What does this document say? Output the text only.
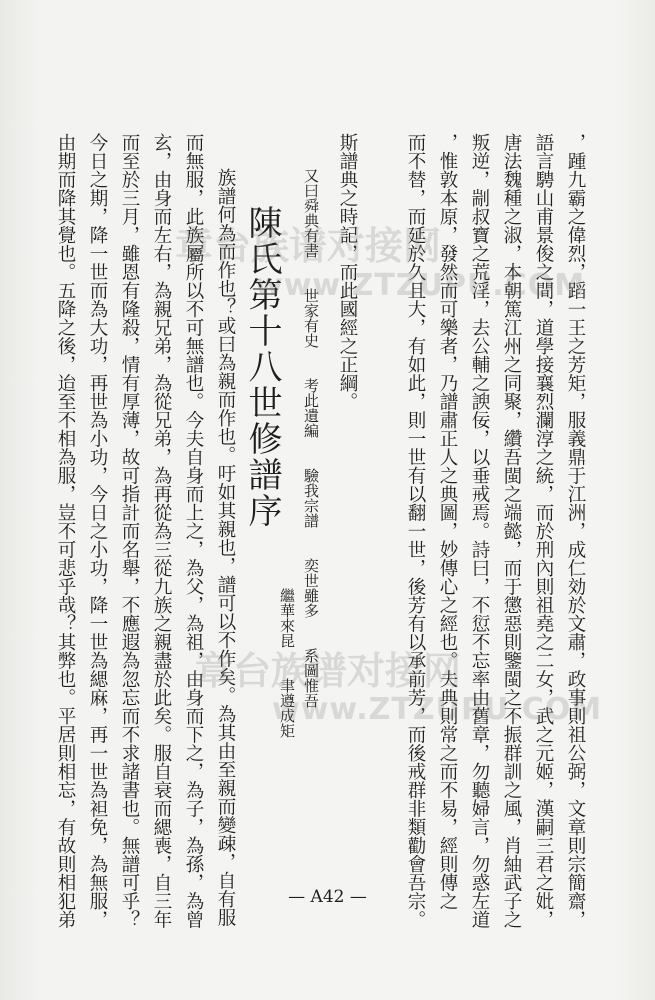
，踵九霸之偉烈，蹈一王之芳矩，服義鼎于江洲，成仁効於文肅，政事則祖公弼，文章則宗簡齋，
語言騁山甫景俊之間，道學接襄烈瀾淳之統，而於刑內則祖堯之二女，武之元姬，漢嗣三君之妣，
唐法魏種之淑，本朝篤江州之同聚，纘吾閩之端懿，而于懲惡則鑒閩之不振群訓之風，肖紬武子之
叛逆，剬叔寶之荒淫，去公輔之諛佞，以垂戒焉。詩曰，不愆不忘率由舊章，勿聽婦言，勿惑左道
，惟敦本原，發然而可樂者，乃譜肅正人之典圖，妙傳心之經也。夫典則常之而不易，經則傳之
而不替，而延於久且大，有如此，則一世有以翻一世，後芳有以承前芳，而後戒群非類勸會吾宗。
斯譜典之時記，而此國經之正綱。
又曰舜典有書　　世家有史　　考此遺編　　驗我宗譜　　奕世雖多　　系圖惟吾
　　　　　　　　　　　　　　　　　　　　　　　　　　　　繼華來昆　　聿遵成矩
陳氏第十八世修譜序
族譜何為而作也？或曰為親而作也。吁如其親也，譜可以不作矣。為其由至親而變疎，自有服
而無服，此族屬所以不可無譜也。今夫自身而上之，為父，為祖，由身而下之，為子，為孫，為曾
玄，由身而左右，為親兄弟，為從兄弟，為再從為三從九族之親盡於此矣。服自衰而緦喪，自三年
而至於三月，雖恩有隆殺，情有厚薄，故可指計而名舉，不應遐為忽忘而不求諸書也。無譜可乎？
今日之期，降一世而為大功，再世為小功，今日之小功，降一世為緦麻，再一世為袒免，為無服，
由期而降其覺也。五降之後，迨至不相為服，豈不可悲乎哉？其弊也。平居則相忘，有故則相犯弟	— A42 —
章台族谱对接网
www.ZTZUPU.COM
章台族谱对接网
www.ZTZUPU.COM
